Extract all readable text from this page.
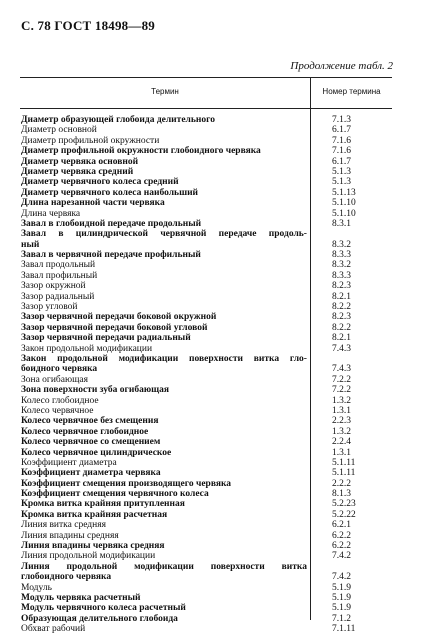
С. 78 ГОСТ 18498—89
Продолжение табл. 2
Термин	Номер термина
Диаметр образующей глобоида делительного	7.1.3
Диаметр основной	6.1.7
Диаметр профильной окружности	7.1.6
Диаметр профильной окружности глобоидного червяка	7.1.6
Диаметр червяка основной	6.1.7
Диаметр червяка средний	5.1.3
Диаметр червячного колеса средний	5.1.3
Диаметр червячного колеса наибольший	5.1.13
Длина нарезанной части червяка	5.1.10
Длина червяка	5.1.10
Завал в глобоидной передаче продольный	8.3.1
Завал в цилиндрической червячной передаче продоль-
ный	8.3.2
Завал в червячной передаче профильный	8.3.3
Завал продольный	8.3.2
Завал профильный	8.3.3
Зазор окружной	8.2.3
Зазор радиальный	8.2.1
Зазор угловой	8.2.2
Зазор червячной передачи боковой окружной	8.2.3
Зазор червячной передачи боковой угловой	8.2.2
Зазор червячной передачи радиальный	8.2.1
Закон продольной модификации	7.4.3
Закон продольной модификации поверхности витка гло-
боидного червяка	7.4.3
Зона огибающая	7.2.2
Зона поверхности зуба огибающая	7.2.2
Колесо глобоидное	1.3.2
Колесо червячное	1.3.1
Колесо червячное без смещения	2.2.3
Колесо червячное глобоидное	1.3.2
Колесо червячное со смещением	2.2.4
Колесо червячное цилиндрическое	1.3.1
Коэффициент диаметра	5.1.11
Коэффициент диаметра червяка	5.1.11
Коэффициент смещения производящего червяка	2.2.2
Коэффициент смещения червячного колеса	8.1.3
Кромка витка крайняя притупленная	5.2.23
Кромка витка крайняя расчетная	5.2.22
Линия витка средняя	6.2.1
Линия впадины средняя	6.2.2
Линия впадины червяка средняя	6.2.2
Линия продольной модификации	7.4.2
Линия продольной модификации поверхности витка
глобоидного червяка	7.4.2
Модуль	5.1.9
Модуль червяка расчетный	5.1.9
Модуль червячного колеса расчетный	5.1.9
Образующая делительного глобоида	7.1.2
Обхват рабочий	7.1.11
